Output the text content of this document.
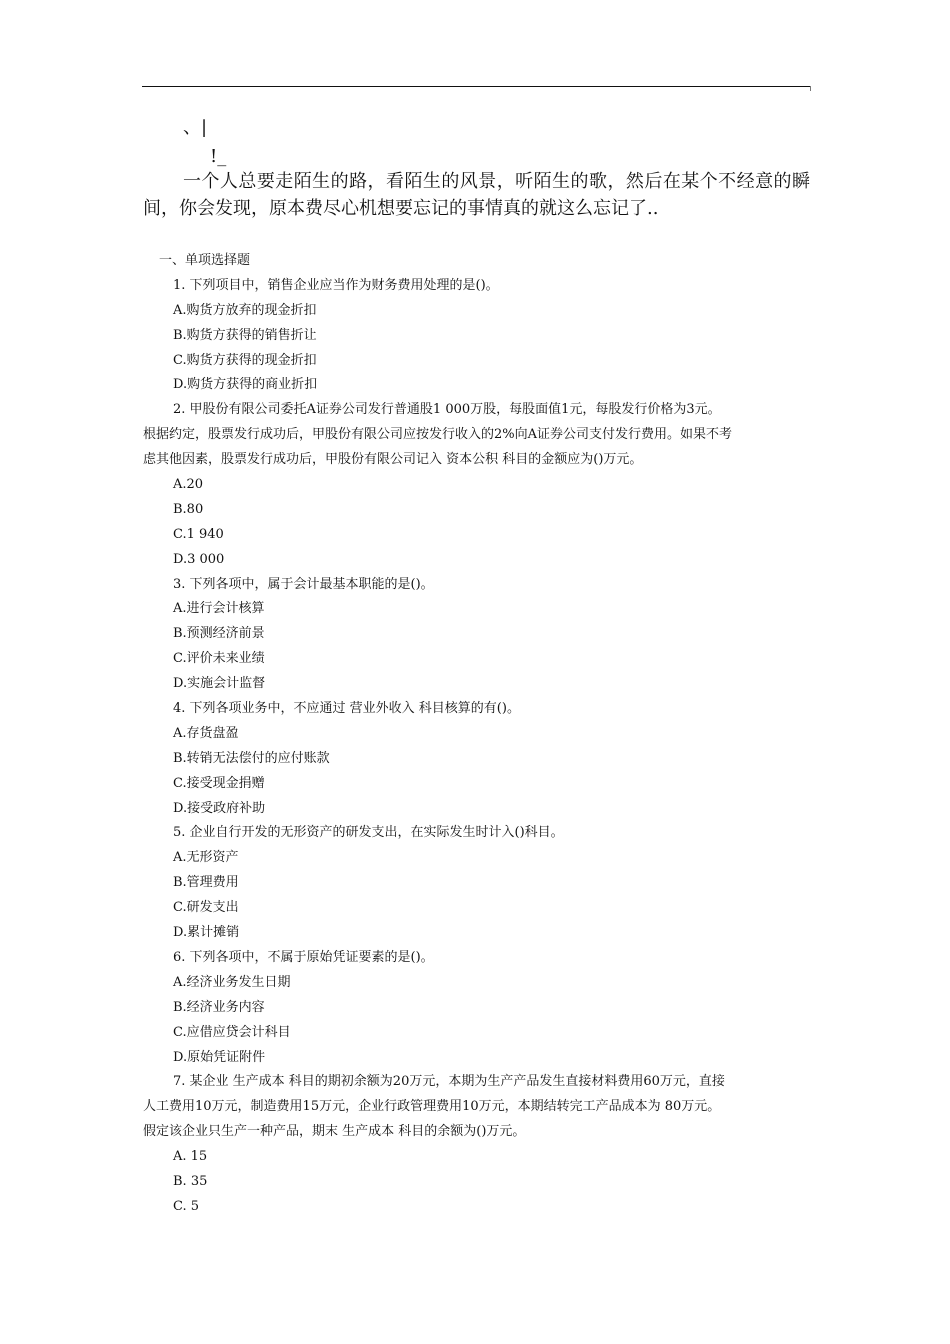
、|
!_
一个人总要走陌生的路，看陌生的风景，听陌生的歌，然后在某个不经意的瞬间，你会发现，原本费尽心机想要忘记的事情真的就这么忘记了..
一、单项选择题
1. 下列项目中，销售企业应当作为财务费用处理的是()。
A.购货方放弃的现金折扣
B.购货方获得的销售折让
C.购货方获得的现金折扣
D.购货方获得的商业折扣
2. 甲股份有限公司委托A证券公司发行普通股1 000万股，每股面值1元，每股发行价格为3元。
根据约定，股票发行成功后，甲股份有限公司应按发行收入的2%向A证券公司支付发行费用。如果不考
虑其他因素，股票发行成功后，甲股份有限公司记入 资本公积 科目的金额应为()万元。
A.20
B.80
C.1 940
D.3 000
3. 下列各项中，属于会计最基本职能的是()。
A.进行会计核算
B.预测经济前景
C.评价未来业绩
D.实施会计监督
4. 下列各项业务中，不应通过 营业外收入 科目核算的有()。
A.存货盘盈
B.转销无法偿付的应付账款
C.接受现金捐赠
D.接受政府补助
5. 企业自行开发的无形资产的研发支出，在实际发生时计入()科目。
A.无形资产
B.管理费用
C.研发支出
D.累计摊销
6. 下列各项中，不属于原始凭证要素的是()。
A.经济业务发生日期
B.经济业务内容
C.应借应贷会计科目
D.原始凭证附件
7. 某企业 生产成本 科目的期初余额为20万元，本期为生产产品发生直接材料费用60万元，直接
人工费用10万元，制造费用15万元，企业行政管理费用10万元，本期结转完工产品成本为 80万元。
假定该企业只生产一种产品，期末 生产成本 科目的余额为()万元。
A. 15
B. 35
C. 5
